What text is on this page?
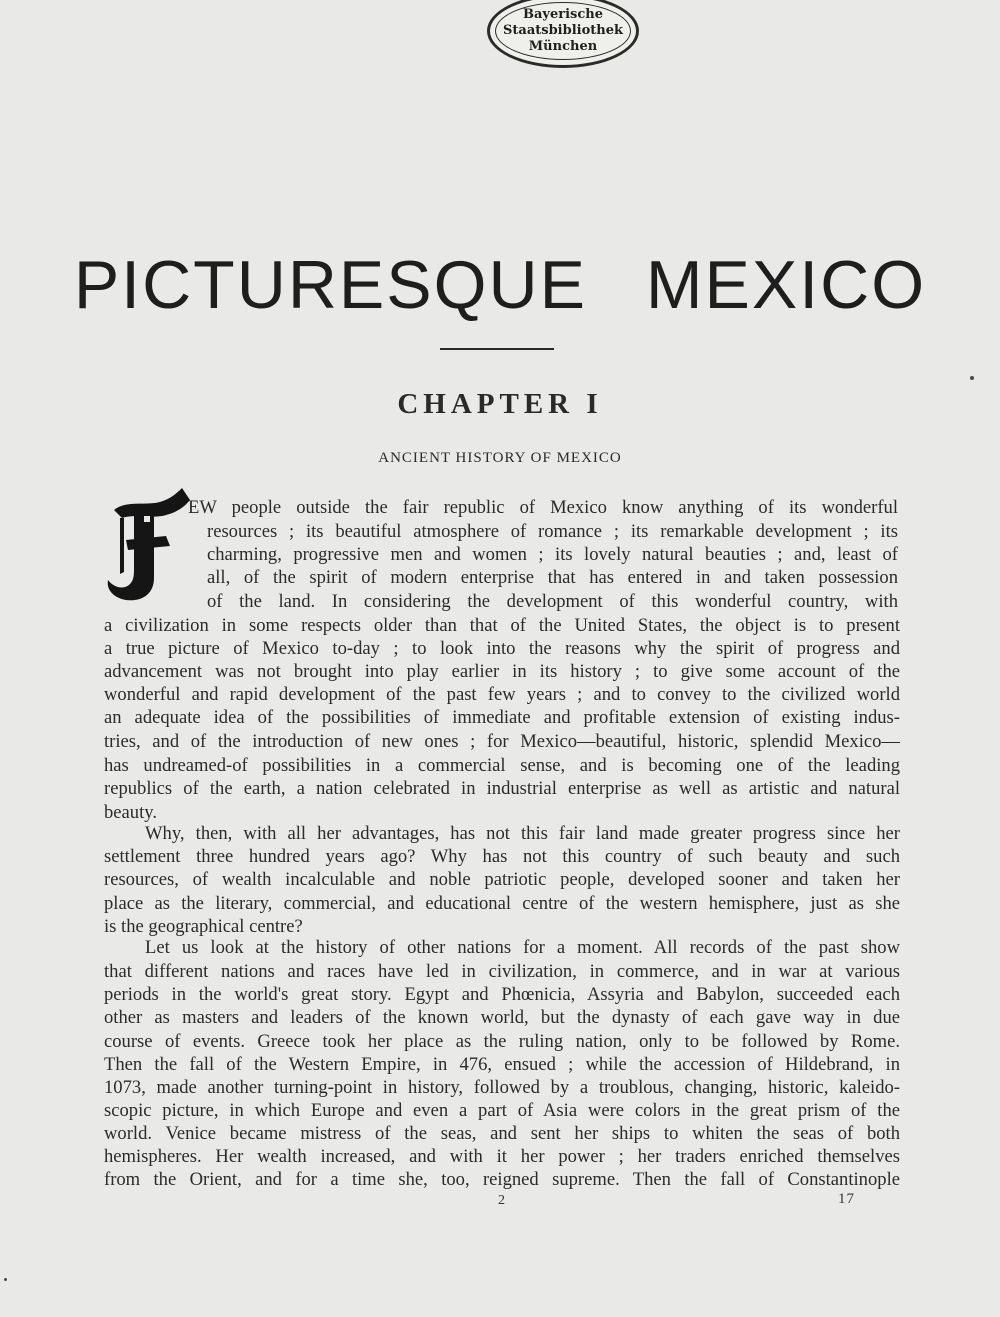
Bayerische
Staatsbibliothek
München
PICTURESQUE MEXICO
CHAPTER I
ANCIENT HISTORY OF MEXICO
EW people outside the fair republic of Mexico know anything of its wonderful
resources ; its beautiful atmosphere of romance ; its remarkable development ; its
charming, progressive men and women ; its lovely natural beauties ; and, least of
all, of the spirit of modern enterprise that has entered in and taken possession
of the land. In considering the development of this wonderful country, with
a civilization in some respects older than that of the United States, the object is to present
a true picture of Mexico to-day ; to look into the reasons why the spirit of progress and
advancement was not brought into play earlier in its history ; to give some account of the
wonderful and rapid development of the past few years ; and to convey to the civilized world
an adequate idea of the possibilities of immediate and profitable extension of existing indus-
tries, and of the introduction of new ones ; for Mexico—beautiful, historic, splendid Mexico—
has undreamed-of possibilities in a commercial sense, and is becoming one of the leading
republics of the earth, a nation celebrated in industrial enterprise as well as artistic and natural
beauty.
Why, then, with all her advantages, has not this fair land made greater progress since her
settlement three hundred years ago? Why has not this country of such beauty and such
resources, of wealth incalculable and noble patriotic people, developed sooner and taken her
place as the literary, commercial, and educational centre of the western hemisphere, just as she
is the geographical centre?
Let us look at the history of other nations for a moment. All records of the past show
that different nations and races have led in civilization, in commerce, and in war at various
periods in the world's great story. Egypt and Phœnicia, Assyria and Babylon, succeeded each
other as masters and leaders of the known world, but the dynasty of each gave way in due
course of events. Greece took her place as the ruling nation, only to be followed by Rome.
Then the fall of the Western Empire, in 476, ensued ; while the accession of Hildebrand, in
1073, made another turning-point in history, followed by a troublous, changing, historic, kaleido-
scopic picture, in which Europe and even a part of Asia were colors in the great prism of the
world. Venice became mistress of the seas, and sent her ships to whiten the seas of both
hemispheres. Her wealth increased, and with it her power ; her traders enriched themselves
from the Orient, and for a time she, too, reigned supreme. Then the fall of Constantinople
2	17
